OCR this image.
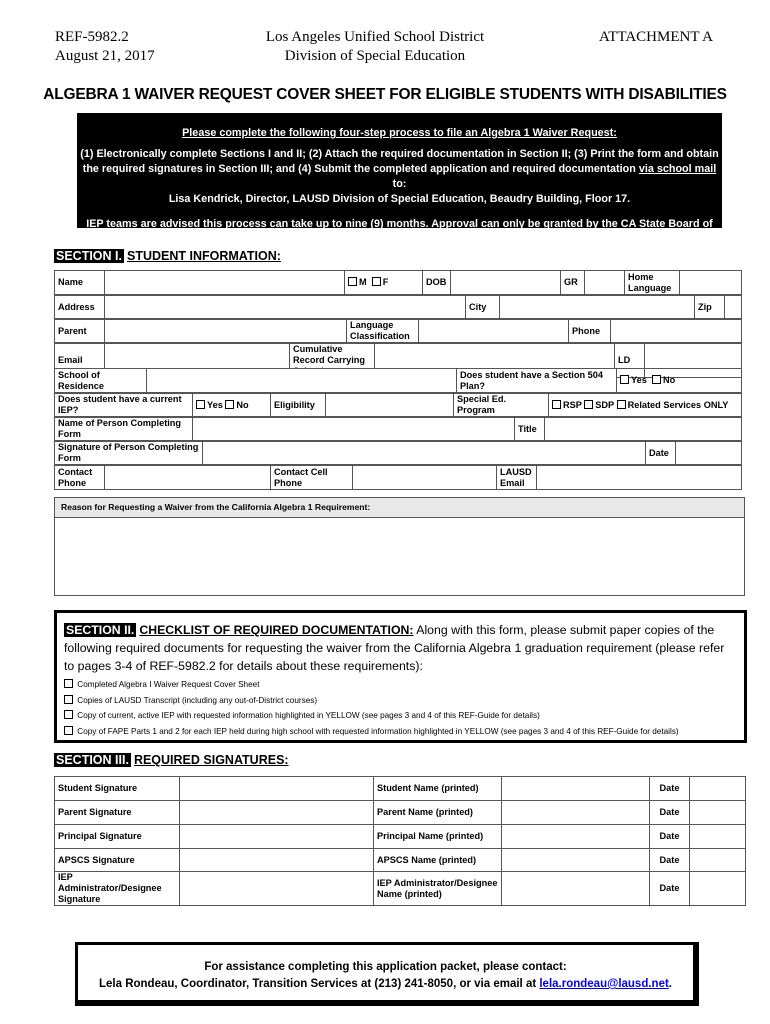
REF-5982.2
August 21, 2017
Los Angeles Unified School District
Division of Special Education
ATTACHMENT A
ALGEBRA 1 WAIVER REQUEST COVER SHEET FOR ELIGIBLE STUDENTS WITH DISABILITIES

Please complete the following four-step process to file an Algebra 1 Waiver Request:

(1) Electronically complete Sections I and II; (2) Attach the required documentation in Section II; (3) Print the form and obtain

the required signatures in Section III; and (4) Submit the completed application and required documentation via school mail to:

Lisa Kendrick, Director, LAUSD Division of Special Education, Beaudry Building, Floor 17.

IEP teams are advised this process can take up to nine (9) months. Approval can only be granted by the CA State Board of Ed.

SECTION I. STUDENT INFORMATION:
Name		M F	DOB		GR		Home Language	
Address		City		Zip	
Parent		Language Classification		Phone	
Email		Cumulative Record Carrying		LD	
School of Residence		Does student have a Section 504 Plan?	Yes No
Does student have a current IEP?	Yes No	Eligibility		Special Ed. Program	RSP SDP Related Services ONLY
Name of Person Completing Form		Title	
Signature of Person Completing Form		Date	
Contact Phone		Contact Cell Phone		LAUSD Email	
Reason for Requesting a Waiver from the California Algebra 1 Requirement:
SECTION II. CHECKLIST OF REQUIRED DOCUMENTATION: Along with this form, please submit paper copies of the following required documents for requesting the waiver from the California Algebra 1 graduation requirement (please refer to pages 3-4 of REF-5982.2 for details about these requirements):
Completed Algebra I Waiver Request Cover Sheet
Copies of LAUSD Transcript (including any out-of-District courses)
Copy of current, active IEP with requested information highlighted in YELLOW (see pages 3 and 4 of this REF-Guide for details)
Copy of FAPE Parts 1 and 2 for each IEP held during high school with requested information highlighted in YELLOW (see pages 3 and 4 of this REF-Guide for details)
SECTION III. REQUIRED SIGNATURES:
Student Signature		Student Name (printed)		Date	
Parent Signature		Parent Name (printed)		Date	
Principal Signature		Principal Name (printed)		Date	
APSCS Signature		APSCS Name (printed)		Date	
IEP Administrator/Designee Signature		IEP Administrator/Designee Name (printed)		Date	
For assistance completing this application packet, please contact:
Lela Rondeau, Coordinator, Transition Services at (213) 241-8050, or via email at lela.rondeau@lausd.net.
